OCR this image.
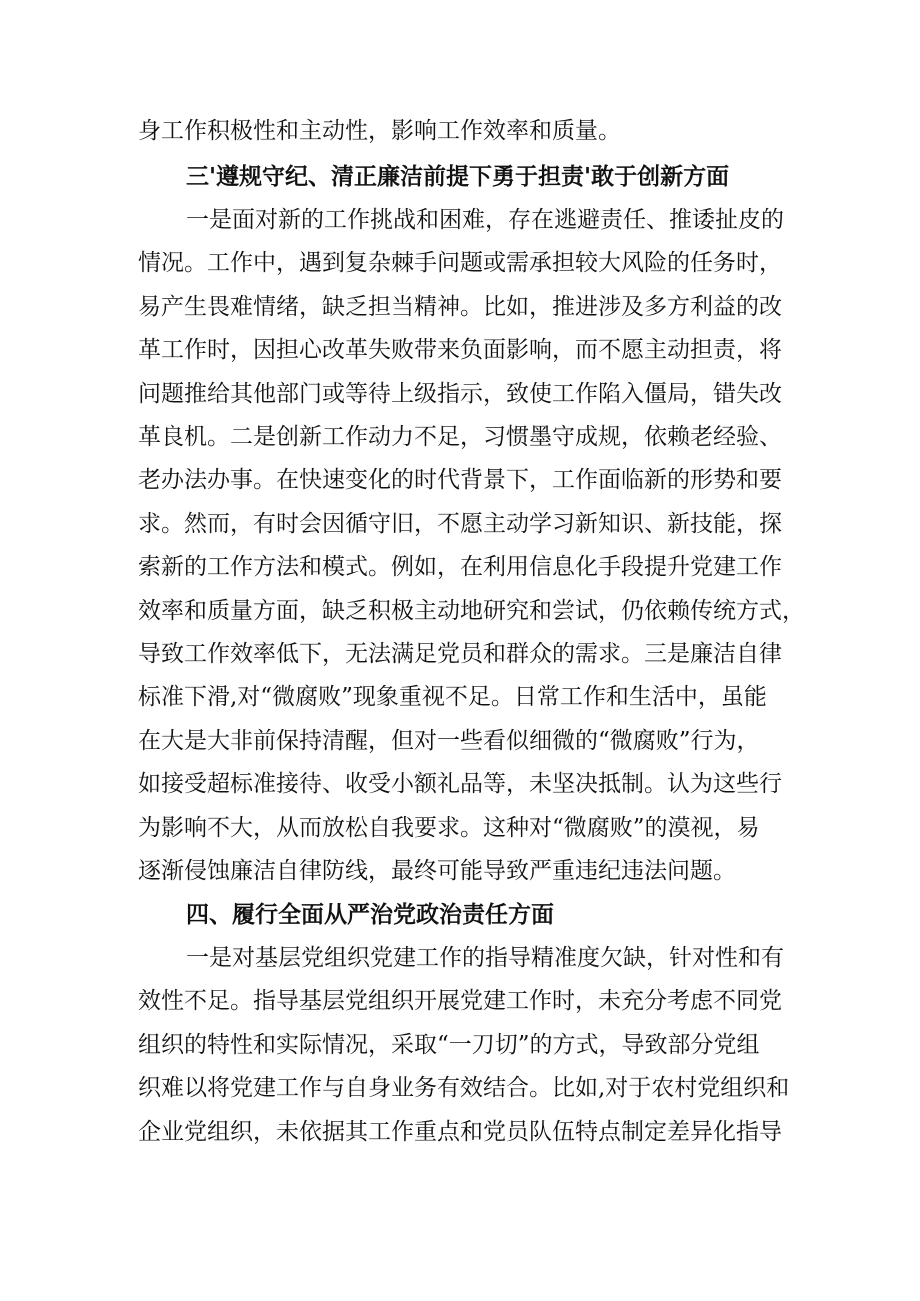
身工作积极性和主动性，影响工作效率和质量。
三'遵规守纪、清正廉洁前提下勇于担责'敢于创新方面
一是面对新的工作挑战和困难，存在逃避责任、推诿扯皮的
情况。工作中，遇到复杂棘手问题或需承担较大风险的任务时，
易产生畏难情绪，缺乏担当精神。比如，推进涉及多方利益的改
革工作时，因担心改革失败带来负面影响，而不愿主动担责，将
问题推给其他部门或等待上级指示，致使工作陷入僵局，错失改
革良机。二是创新工作动力不足，习惯墨守成规，依赖老经验、
老办法办事。在快速变化的时代背景下，工作面临新的形势和要
求。然而，有时会因循守旧，不愿主动学习新知识、新技能，探
索新的工作方法和模式。例如，在利用信息化手段提升党建工作
效率和质量方面，缺乏积极主动地研究和尝试，仍依赖传统方式，
导致工作效率低下，无法满足党员和群众的需求。三是廉洁自律
标准下滑,对“微腐败”现象重视不足。日常工作和生活中，虽能
在大是大非前保持清醒，但对一些看似细微的“微腐败”行为，
如接受超标准接待、收受小额礼品等，未坚决抵制。认为这些行
为影响不大，从而放松自我要求。这种对“微腐败”的漠视，易
逐渐侵蚀廉洁自律防线，最终可能导致严重违纪违法问题。
四、履行全面从严治党政治责任方面
一是对基层党组织党建工作的指导精准度欠缺，针对性和有
效性不足。指导基层党组织开展党建工作时，未充分考虑不同党
组织的特性和实际情况，采取“一刀切”的方式，导致部分党组
织难以将党建工作与自身业务有效结合。比如,对于农村党组织和
企业党组织，未依据其工作重点和党员队伍特点制定差异化指导
